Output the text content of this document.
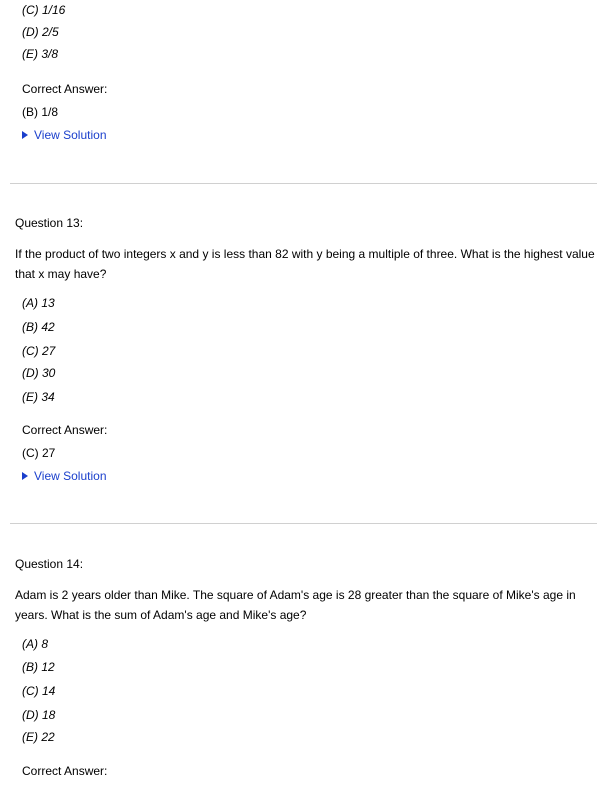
(C) 1/16
(D) 2/5
(E) 3/8
Correct Answer:
(B) 1/8
View Solution
Question 13:
If the product of two integers x and y is less than 82 with y being a multiple of three. What is the highest value that x may have?
(A) 13
(B) 42
(C) 27
(D) 30
(E) 34
Correct Answer:
(C) 27
View Solution
Question 14:
Adam is 2 years older than Mike. The square of Adam's age is 28 greater than the square of Mike's age in years. What is the sum of Adam's age and Mike's age?
(A) 8
(B) 12
(C) 14
(D) 18
(E) 22
Correct Answer:
